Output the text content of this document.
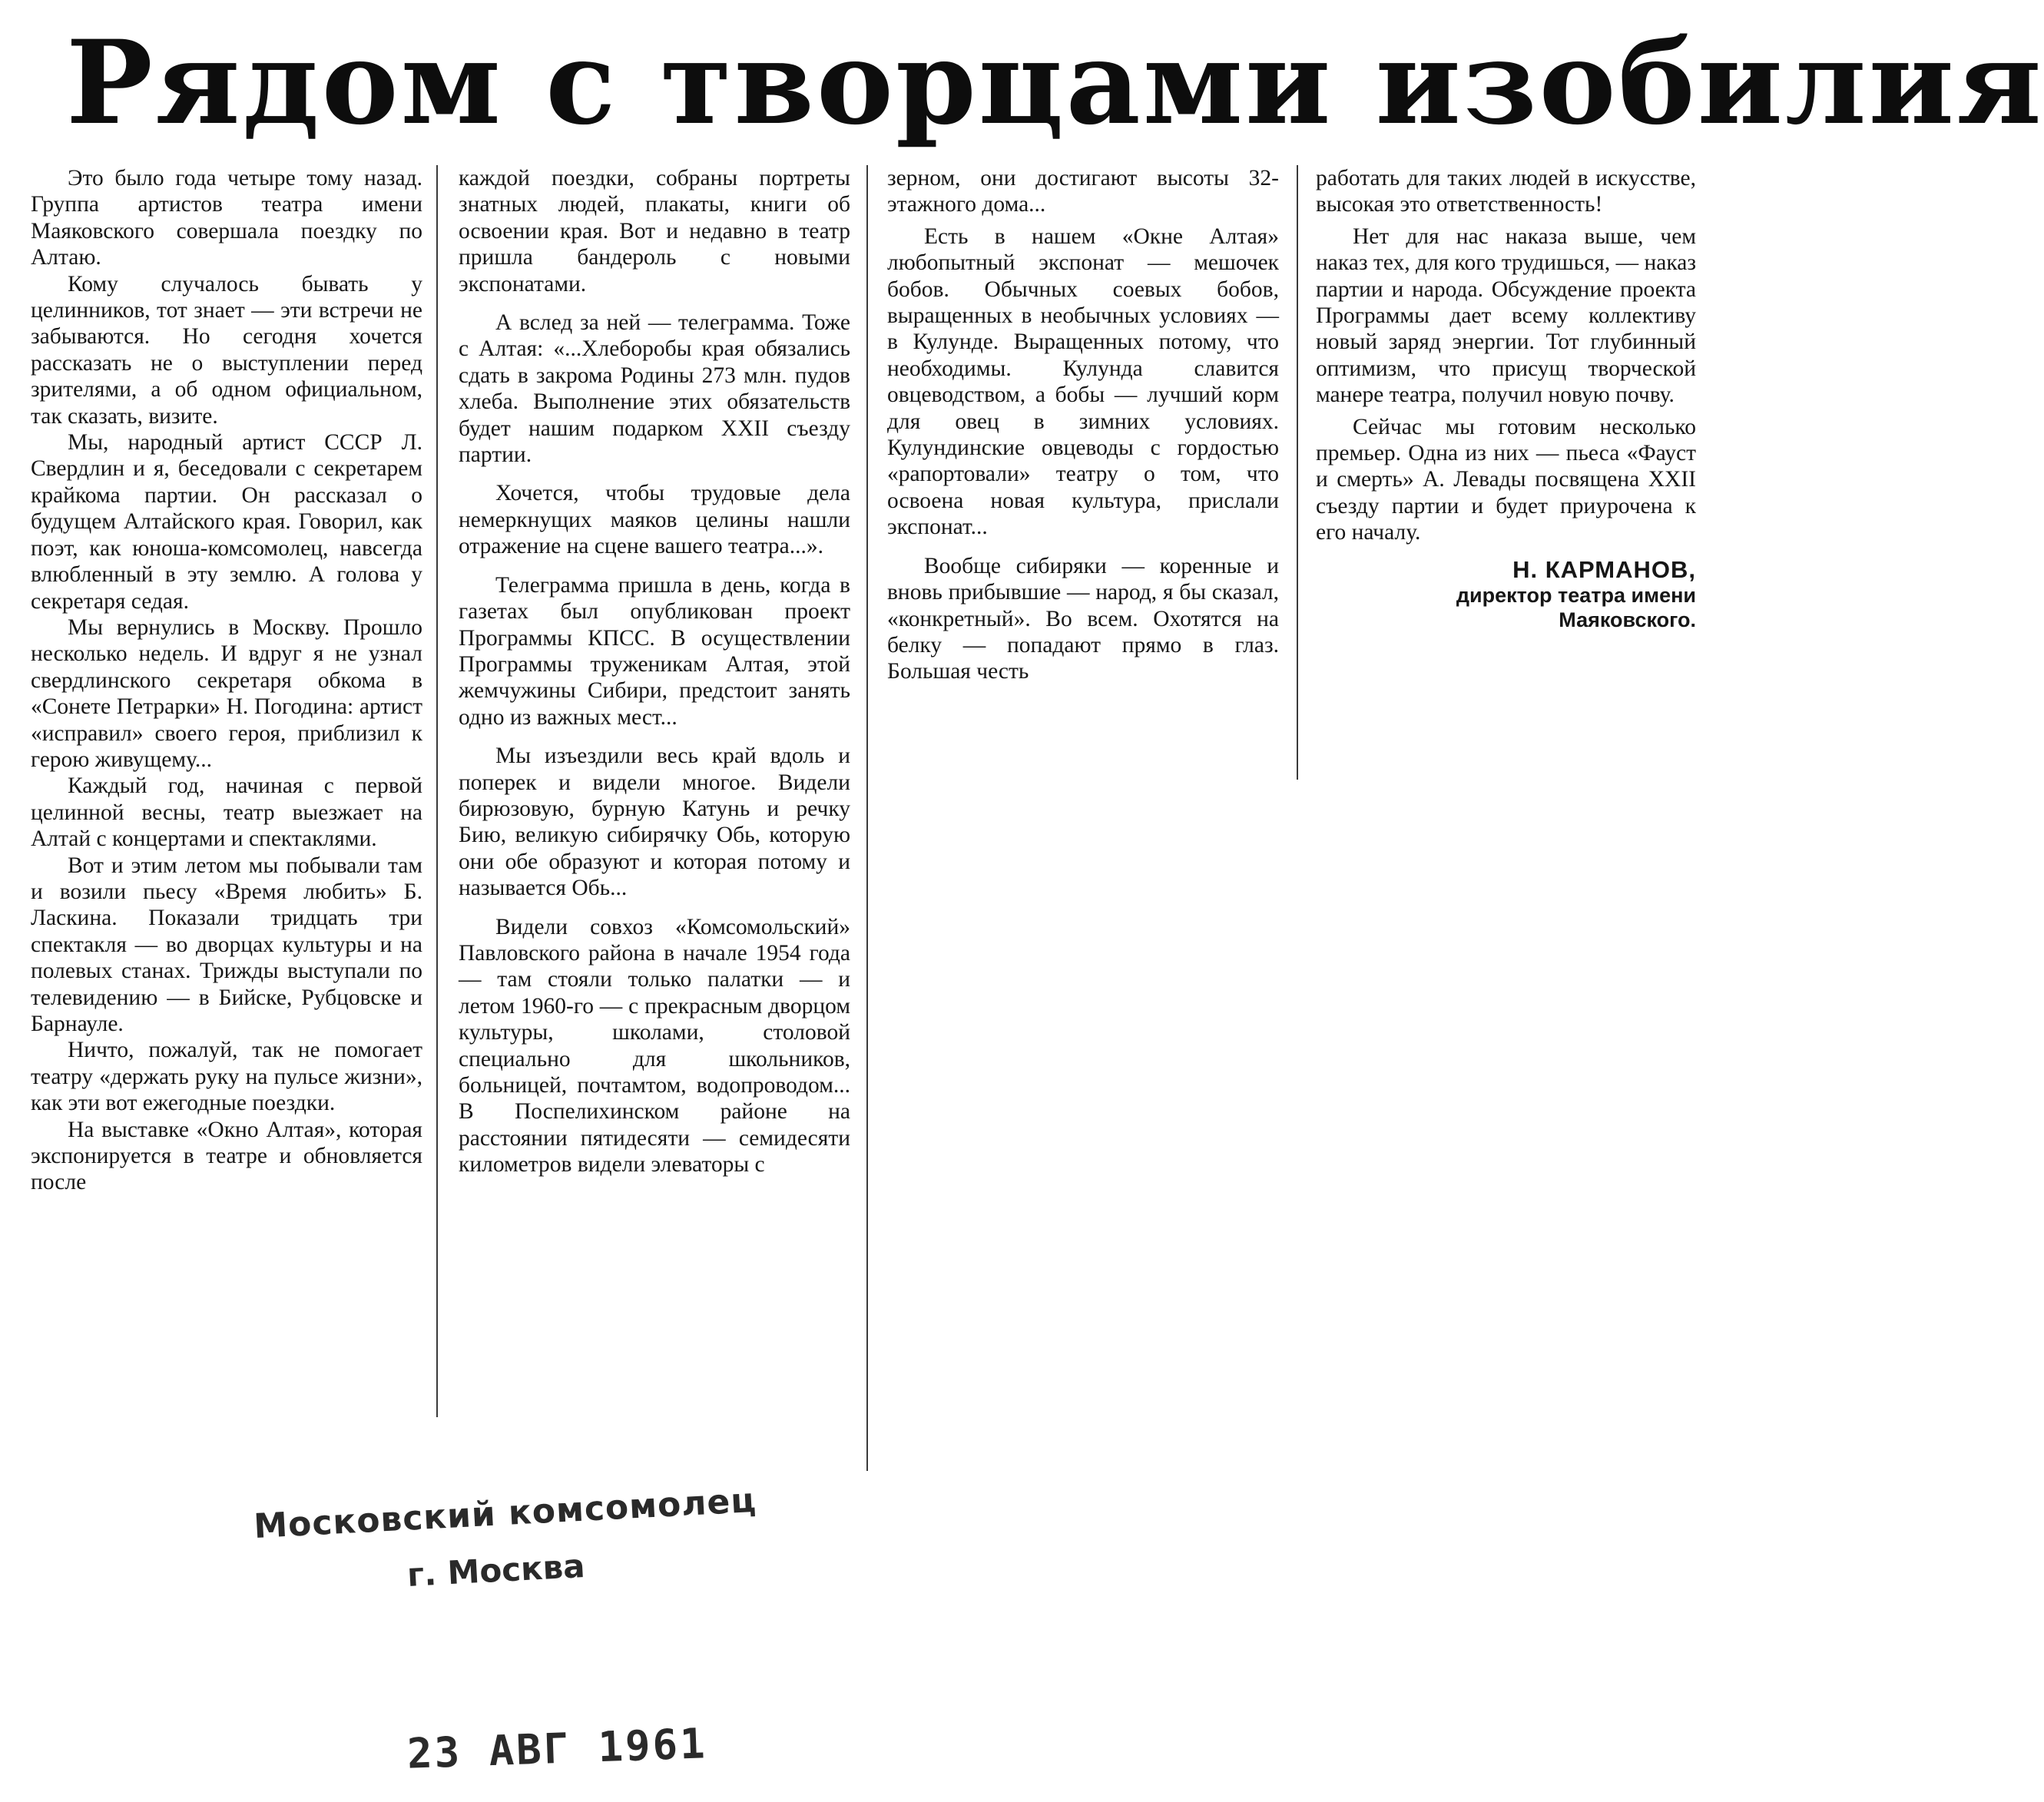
Рядом с творцами изобилия

Это было года четыре тому назад. Группа артистов театра имени Маяковского совершала поездку по Алтаю.

Кому случалось бывать у целинников, тот знает — эти встречи не забываются. Но сегодня хочется рассказать не о выступлении перед зрителями, а об одном официальном, так сказать, визите.

Мы, народный артист СССР Л. Свердлин и я, беседовали с секретарем крайкома партии. Он рассказал о будущем Алтайского края. Говорил, как поэт, как юноша-комсомолец, навсегда влюбленный в эту землю. А голова у секретаря седая.

Мы вернулись в Москву. Прошло несколько недель. И вдруг я не узнал свердлинского секретаря обкома в «Сонете Петрарки» Н. Погодина: артист «исправил» своего героя, приблизил к герою живущему...

Каждый год, начиная с первой целинной весны, театр выезжает на Алтай с концертами и спектаклями.

Вот и этим летом мы побывали там и возили пьесу «Время любить» Б. Ласкина. Показали тридцать три спектакля — во дворцах культуры и на полевых станах. Трижды выступали по телевидению — в Бийске, Рубцовске и Барнауле.

Ничто, пожалуй, так не помогает театру «держать руку на пульсе жизни», как эти вот ежегодные поездки.

На выставке «Окно Алтая», которая экспонируется в театре и обновляется после

каждой поездки, собраны портреты знатных людей, плакаты, книги об освоении края. Вот и недавно в театр пришла бандероль с новыми экспонатами.

А вслед за ней — телеграмма. Тоже с Алтая: «...Хлеборобы края обязались сдать в закрома Родины 273 млн. пудов хлеба. Выполнение этих обязательств будет нашим подарком XXII съезду партии.

Хочется, чтобы трудовые дела немеркнущих маяков целины нашли отражение на сцене вашего театра...».

Телеграмма пришла в день, когда в газетах был опубликован проект Программы КПСС. В осуществлении Программы труженикам Алтая, этой жемчужины Сибири, предстоит занять одно из важных мест...

Мы изъездили весь край вдоль и поперек и видели многое. Видели бирюзовую, бурную Катунь и речку Бию, великую сибирячку Обь, которую они обе образуют и которая потому и называется Обь...

Видели совхоз «Комсомольский» Павловского района в начале 1954 года — там стояли только палатки — и летом 1960-го — с прекрасным дворцом культуры, школами, столовой специально для школьников, больницей, почтамтом, водопроводом... В Поспелихинском районе на расстоянии пятидесяти — семидесяти километров видели элеваторы с

зерном, они достигают высоты 32-этажного дома...

Есть в нашем «Окне Алтая» любопытный экспонат — мешочек бобов. Обычных соевых бобов, выращенных в необычных условиях — в Кулунде. Выращенных потому, что необходимы. Кулунда славится овцеводством, а бобы — лучший корм для овец в зимних условиях. Кулундинские овцеводы с гордостью «рапортовали» театру о том, что освоена новая культура, прислали экспонат...

Вообще сибиряки — коренные и вновь прибывшие — народ, я бы сказал, «конкретный». Во всем. Охотятся на белку — попадают прямо в глаз. Большая честь

работать для таких людей в искусстве, высокая это ответственность!

Нет для нас наказа выше, чем наказ тех, для кого трудишься, — наказ партии и народа. Обсуждение проекта Программы дает всему коллективу новый заряд энергии. Тот глубинный оптимизм, что присущ творческой манере театра, получил новую почву.

Сейчас мы готовим несколько премьер. Одна из них — пьеса «Фауст и смерть» А. Левады посвящена XXII съезду партии и будет приурочена к его началу.

Н. КАРМАНОВ,
директор театра имени
Маяковского.
Московский комсомолец
г. Москва
23 АВГ 1961
